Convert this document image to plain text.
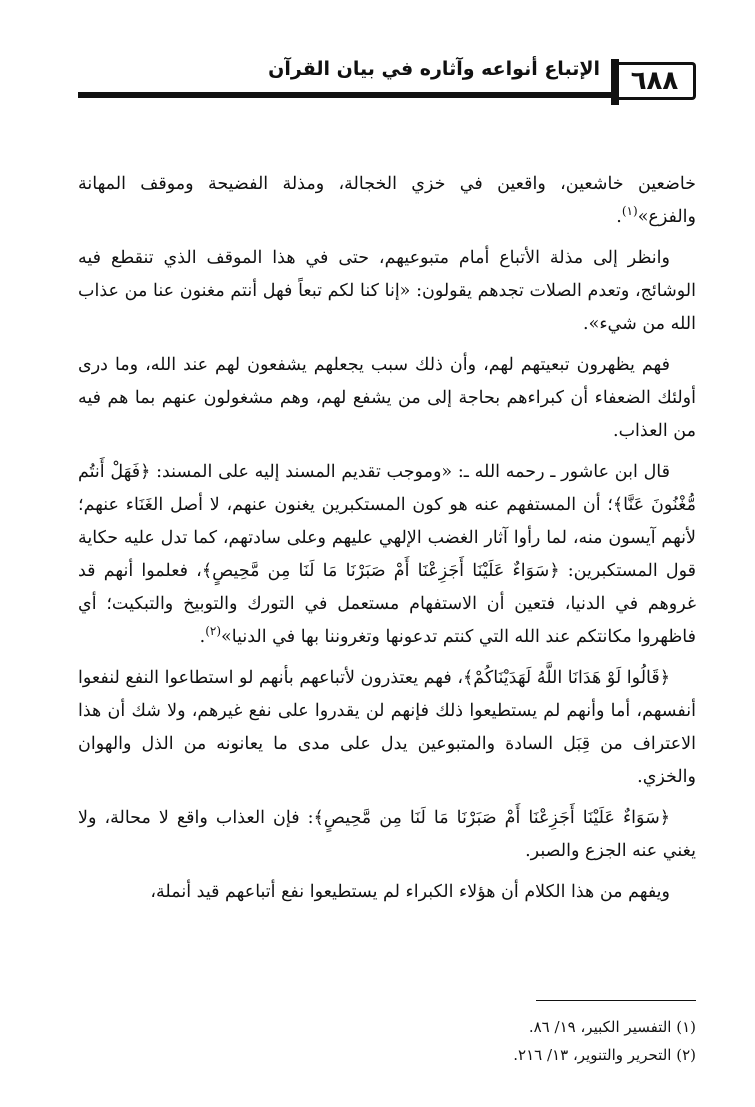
٦٨٨
الإتباع أنواعه وآثاره في بيان القرآن

خاضعين خاشعين، واقعين في خزي الخجالة، ومذلة الفضيحة وموقف المهانة والفزع»$^{(١)}$.

وانظر إلى مذلة الأتباع أمام متبوعيهم، حتى في هذا الموقف الذي تنقطع فيه الوشائج، وتعدم الصلات تجدهم يقولون: «إنا كنا لكم تبعاً فهل أنتم مغنون عنا من عذاب الله من شيء».

فهم يظهرون تبعيتهم لهم، وأن ذلك سبب يجعلهم يشفعون لهم عند الله، وما درى أولئك الضعفاء أن كبراءهم بحاجة إلى من يشفع لهم، وهم مشغولون عنهم بما هم فيه من العذاب.

قال ابن عاشور ـ رحمه الله ـ: «وموجب تقديم المسند إليه على المسند: ﴿فَهَلْ أَنتُم مُّغْنُونَ عَنَّا﴾؛ أن المستفهم عنه هو كون المستكبرين يغنون عنهم، لا أصل الغَنَاء عنهم؛ لأنهم آيسون منه، لما رأوا آثار الغضب الإلهي عليهم وعلى سادتهم، كما تدل عليه حكاية قول المستكبرين: ﴿سَوَاءٌ عَلَيْنَا أَجَزِعْنَا أَمْ صَبَرْنَا مَا لَنَا مِن مَّحِيصٍ﴾، فعلموا أنهم قد غروهم في الدنيا، فتعين أن الاستفهام مستعمل في التورك والتوبيخ والتبكيت؛ أي فاظهروا مكانتكم عند الله التي كنتم تدعونها وتغروننا بها في الدنيا»$^{(٢)}$.

﴿قَالُوا لَوْ هَدَانَا اللَّهُ لَهَدَيْنَاكُمْ﴾، فهم يعتذرون لأتباعهم بأنهم لو استطاعوا النفع لنفعوا أنفسهم، أما وأنهم لم يستطيعوا ذلك فإنهم لن يقدروا على نفع غيرهم، ولا شك أن هذا الاعتراف من قِبَل السادة والمتبوعين يدل على مدى ما يعانونه من الذل والهوان والخزي.

﴿سَوَاءٌ عَلَيْنَا أَجَزِعْنَا أَمْ صَبَرْنَا مَا لَنَا مِن مَّحِيصٍ﴾: فإن العذاب واقع لا محالة، ولا يغني عنه الجزع والصبر.

ويفهم من هذا الكلام أن هؤلاء الكبراء لم يستطيعوا نفع أتباعهم قيد أنملة،

(١) التفسير الكبير، ١٩/ ٨٦.
(٢) التحرير والتنوير، ١٣/ ٢١٦.
